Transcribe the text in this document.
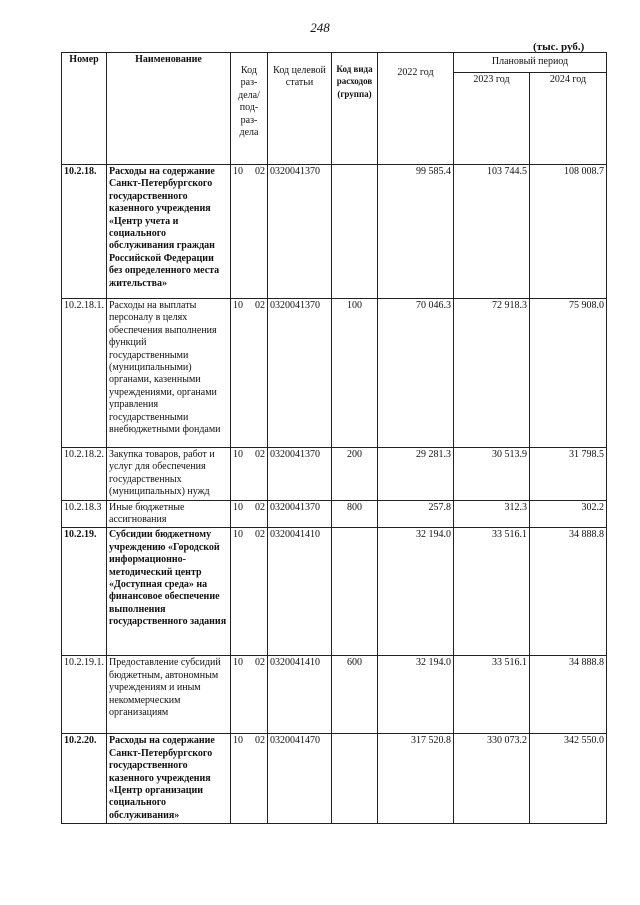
248
(тыс. руб.)
Номер	Наименование	Код раз-дела/ под-раз-дела	Код целевой статьи	Код вида расходов (группа)	2022 год	Плановый период	
						2023 год	2024 год
10.2.18.	Расходы на содержание Санкт-Петербургского государственного казенного учреждения «Центр учета и социального обслуживания граждан Российской Федерации без определенного места жительства»	10 02	0320041370		99 585.4	103 744.5	108 008.7
10.2.18.1.	Расходы на выплаты персоналу в целях обеспечения выполнения функций государственными (муниципальными) органами, казенными учреждениями, органами управления государственными внебюджетными фондами	10 02	0320041370	100	70 046.3	72 918.3	75 908.0
10.2.18.2.	Закупка товаров, работ и услуг для обеспечения государственных (муниципальных) нужд	10 02	0320041370	200	29 281.3	30 513.9	31 798.5
10.2.18.3	Иные бюджетные ассигнования	10 02	0320041370	800	257.8	312.3	302.2
10.2.19.	Субсидии бюджетному учреждению «Городской информационно-методический центр «Доступная среда» на финансовое обеспечение выполнения государственного задания	10 02	0320041410		32 194.0	33 516.1	34 888.8
10.2.19.1.	Предоставление субсидий бюджетным, автономным учреждениям и иным некоммерческим организациям	10 02	0320041410	600	32 194.0	33 516.1	34 888.8
10.2.20.	Расходы на содержание Санкт-Петербургского государственного казенного учреждения «Центр организации социального обслуживания»	10 02	0320041470		317 520.8	330 073.2	342 550.0
